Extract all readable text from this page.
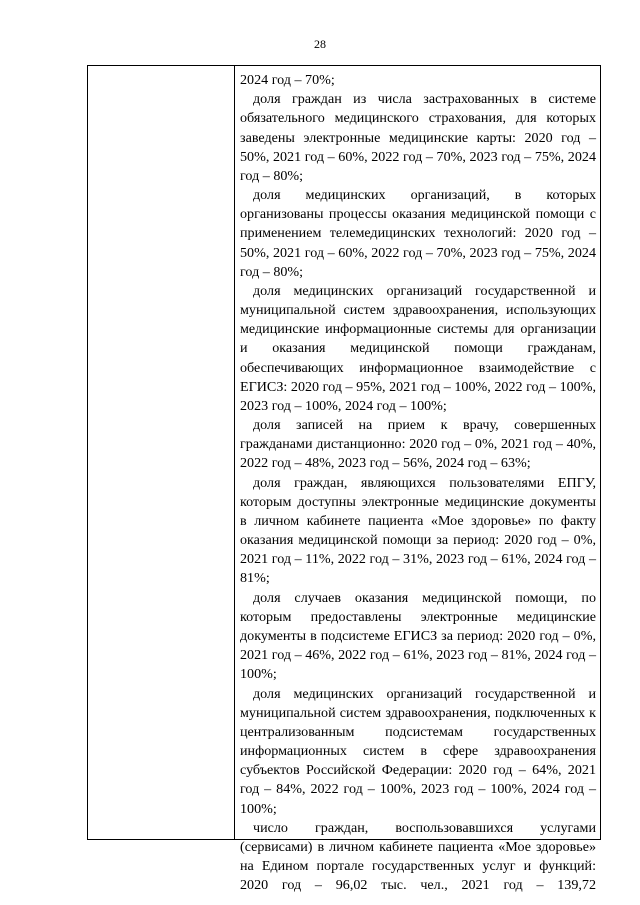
28

2024 год – 70%;

доля граждан из числа застрахованных в системе обязательного медицинского страхования, для которых заведены электронные медицинские карты: 2020 год – 50%, 2021 год – 60%, 2022 год – 70%, 2023 год – 75%, 2024 год – 80%;

доля медицинских организаций, в которых организованы процессы оказания медицинской помощи с применением телемедицинских технологий: 2020 год – 50%, 2021 год – 60%, 2022 год – 70%, 2023 год – 75%, 2024 год – 80%;

доля медицинских организаций государственной и муниципальной систем здравоохранения, использующих медицинские информационные системы для организации и оказания медицинской помощи гражданам, обеспечивающих информационное взаимодействие с ЕГИСЗ: 2020 год – 95%, 2021 год – 100%, 2022 год – 100%, 2023 год – 100%, 2024 год – 100%;

доля записей на прием к врачу, совершенных гражданами дистанционно: 2020 год – 0%, 2021 год – 40%, 2022 год – 48%, 2023 год – 56%, 2024 год – 63%;

доля граждан, являющихся пользователями ЕПГУ, которым доступны электронные медицинские документы в личном кабинете пациента «Мое здоровье» по факту оказания медицинской помощи за период: 2020 год – 0%, 2021 год – 11%, 2022 год – 31%, 2023 год – 61%, 2024 год – 81%;

доля случаев оказания медицинской помощи, по которым предоставлены электронные медицинские документы в подсистеме ЕГИСЗ за период: 2020 год – 0%, 2021 год – 46%, 2022 год – 61%, 2023 год – 81%, 2024 год – 100%;

доля медицинских организаций государственной и муниципальной систем здравоохранения, подключенных к централизованным подсистемам государственных информационных систем в сфере здравоохранения субъектов Российской Федерации: 2020 год – 64%, 2021 год – 84%, 2022 год – 100%, 2023 год – 100%, 2024 год – 100%;

число граждан, воспользовавшихся услугами (сервисами) в личном кабинете пациента «Мое здоровье» на Едином портале государственных услуг и функций: 2020 год – 96,02 тыс. чел., 2021 год – 139,72
